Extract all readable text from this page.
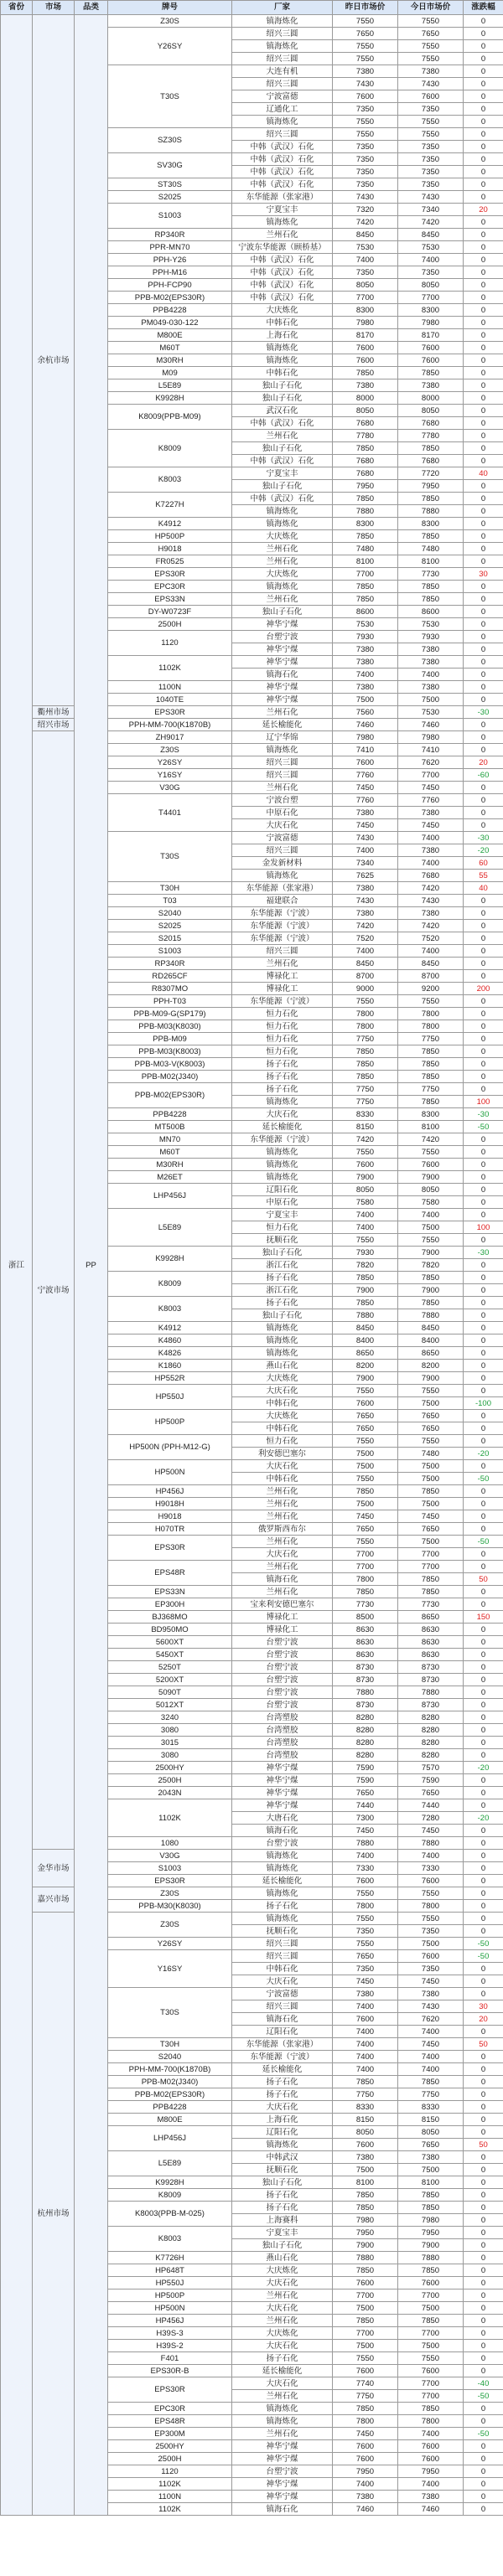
省份	市场	品类	牌号	厂家	昨日市场价	今日市场价	涨跌幅
浙江	余杭市场	PP	Z30S	镇海炼化	7550	7550	0
			Y26SY	绍兴三圆	7650	7650	0
				镇海炼化	7550	7550	0
				绍兴三圆	7550	7550	0
			T30S	大连有机	7380	7380	0
				绍兴三圆	7430	7430	0
				宁波富德	7600	7600	0
				辽通化工	7350	7350	0
				镇海炼化	7550	7550	0
			SZ30S	绍兴三圆	7550	7550	0
				中韩（武汉）石化	7350	7350	0
			SV30G	中韩（武汉）石化	7350	7350	0
				中韩（武汉）石化	7350	7350	0
			ST30S	中韩（武汉）石化	7350	7350	0
			S2025	东华能源（张家港）	7430	7430	0
			S1003	宁夏宝丰	7320	7340	20
				镇海炼化	7420	7420	0
			RP340R	兰州石化	8450	8450	0
			PPR-MN70	宁波东华能源（顾桥基）	7530	7530	0
			PPH-Y26	中韩（武汉）石化	7400	7400	0
			PPH-M16	中韩（武汉）石化	7350	7350	0
			PPH-FCP90	中韩（武汉）石化	8050	8050	0
			PPB-M02(EPS30R)	中韩（武汉）石化	7700	7700	0
			PPB4228	大庆炼化	8300	8300	0
			PM049-030-122	中韩石化	7980	7980	0
			M800E	上海石化	8170	8170	0
			M60T	镇海炼化	7600	7600	0
			M30RH	镇海炼化	7600	7600	0
			M09	中韩石化	7850	7850	0
			L5E89	独山子石化	7380	7380	0
			K9928H	独山子石化	8000	8000	0
			K8009(PPB-M09)	武汉石化	8050	8050	0
				中韩（武汉）石化	7680	7680	0
			K8009	兰州石化	7780	7780	0
				独山子石化	7850	7850	0
				中韩（武汉）石化	7680	7680	0
			K8003	宁夏宝丰	7680	7720	40
				独山子石化	7950	7950	0
			K7227H	中韩（武汉）石化	7850	7850	0
				镇海炼化	7880	7880	0
			K4912	镇海炼化	8300	8300	0
			HP500P	大庆炼化	7850	7850	0
			H9018	兰州石化	7480	7480	0
			FR0525	兰州石化	8100	8100	0
			EPS30R	大庆炼化	7700	7730	30
			EPC30R	镇海炼化	7850	7850	0
			EPS33N	兰州石化	7850	7850	0
			DY-W0723F	独山子石化	8600	8600	0
			2500H	神华宁煤	7530	7530	0
			1120	台塑宁波	7930	7930	0
				神华宁煤	7380	7380	0
			1102K	神华宁煤	7380	7380	0
				镇海石化	7400	7400	0
			1100N	神华宁煤	7380	7380	0
			1040TE	神华宁煤	7500	7500	0
	衢州市场		EPS30R	兰州石化	7560	7530	-30
	绍兴市场		PPH-MM-700(K1870B)	延长榆能化	7460	7460	0
	宁波市场		ZH9017	辽宁华锦	7980	7980	0
			Z30S	镇海炼化	7410	7410	0
			Y26SY	绍兴三圆	7600	7620	20
			Y16SY	绍兴三圆	7760	7700	-60
			V30G	兰州石化	7450	7450	0
			T4401	宁波台塑	7760	7760	0
				中原石化	7380	7380	0
				大庆石化	7450	7450	0
			T30S	宁波富德	7430	7400	-30
				绍兴三圆	7400	7380	-20
				金发新材料	7340	7400	60
				镇海炼化	7625	7680	55
			T30H	东华能源（张家港）	7380	7420	40
			T03	福建联合	7430	7430	0
			S2040	东华能源（宁波）	7380	7380	0
			S2025	东华能源（宁波）	7420	7420	0
			S2015	东华能源（宁波）	7520	7520	0
			S1003	绍兴三圆	7400	7400	0
			RP340R	兰州石化	8450	8450	0
			RD265CF	博禄化工	8700	8700	0
			R8307MO	博禄化工	9000	9200	200
			PPH-T03	东华能源（宁波）	7550	7550	0
			PPB-M09-G(SP179)	恒力石化	7800	7800	0
			PPB-M03(K8030)	恒力石化	7800	7800	0
			PPB-M09	恒力石化	7750	7750	0
			PPB-M03(K8003)	恒力石化	7850	7850	0
			PPB-M03-V(K8003)	扬子石化	7850	7850	0
			PPB-M02(J340)	扬子石化	7850	7850	0
			PPB-M02(EPS30R)	扬子石化	7750	7750	0
				镇海炼化	7750	7850	100
			PPB4228	大庆石化	8330	8300	-30
			MT500B	延长榆能化	8150	8100	-50
			MN70	东华能源（宁波）	7420	7420	0
			M60T	镇海炼化	7550	7550	0
			M30RH	镇海炼化	7600	7600	0
			M26ET	镇海炼化	7900	7900	0
			LHP456J	辽阳石化	8050	8050	0
				中原石化	7580	7580	0
			L5E89	宁夏宝丰	7400	7400	0
				恒力石化	7400	7500	100
				抚顺石化	7550	7550	0
			K9928H	独山子石化	7930	7900	-30
				浙江石化	7820	7820	0
			K8009	扬子石化	7850	7850	0
				浙江石化	7900	7900	0
			K8003	扬子石化	7850	7850	0
				独山子石化	7880	7880	0
			K4912	镇海炼化	8450	8450	0
			K4860	镇海炼化	8400	8400	0
			K4826	镇海炼化	8650	8650	0
			K1860	燕山石化	8200	8200	0
			HP552R	大庆炼化	7900	7900	0
			HP550J	大庆石化	7550	7550	0
				中韩石化	7600	7500	-100
			HP500P	大庆炼化	7650	7650	0
				中韩石化	7650	7650	0
			HP500N (PPH-M12-G)	恒力石化	7550	7550	0
				利安德巴塞尔	7500	7480	-20
			HP500N	大庆石化	7500	7500	0
				中韩石化	7550	7500	-50
			HP456J	兰州石化	7850	7850	0
			H9018H	兰州石化	7500	7500	0
			H9018	兰州石化	7450	7450	0
			H070TR	俄罗斯西布尔	7650	7650	0
			EPS30R	兰州石化	7550	7500	-50
				大庆石化	7700	7700	0
			EPS48R	兰州石化	7700	7700	0
				镇海石化	7800	7850	50
			EPS33N	兰州石化	7850	7850	0
			EP300H	宝来利安德巴塞尔	7730	7730	0
			BJ368MO	博禄化工	8500	8650	150
			BD950MO	博禄化工	8630	8630	0
			5600XT	台塑宁波	8630	8630	0
			5450XT	台塑宁波	8630	8630	0
			5250T	台塑宁波	8730	8730	0
			5200XT	台塑宁波	8730	8730	0
			5090T	台塑宁波	7880	7880	0
			5012XT	台塑宁波	8730	8730	0
			3240	台湾塑胶	8280	8280	0
			3080	台湾塑胶	8280	8280	0
			3015	台湾塑胶	8280	8280	0
			3080	台湾塑胶	8280	8280	0
			2500HY	神华宁煤	7590	7570	-20
			2500H	神华宁煤	7590	7590	0
			2043N	神华宁煤	7650	7650	0
			1102K	神华宁煤	7440	7440	0
				大唐石化	7300	7280	-20
				镇海石化	7450	7450	0
			1080	台塑宁波	7880	7880	0
	金华市场		V30G	镇海炼化	7400	7400	0
			S1003	镇海炼化	7330	7330	0
			EPS30R	延长榆能化	7600	7600	0
	嘉兴市场		Z30S	镇海炼化	7550	7550	0
			PPB-M30(K8030)	扬子石化	7800	7800	0
	杭州市场		Z30S	镇海炼化	7550	7550	0
				抚顺石化	7350	7350	0
			Y26SY	绍兴三圆	7550	7500	-50
			Y16SY	绍兴三圆	7650	7600	-50
				中韩石化	7350	7350	0
				大庆石化	7450	7450	0
			T30S	宁波富德	7380	7380	0
				绍兴三圆	7400	7430	30
				镇海石化	7600	7620	20
				辽阳石化	7400	7400	0
			T30H	东华能源（张家港）	7400	7450	50
			S2040	东华能源（宁波）	7400	7400	0
			PPH-MM-700(K1870B)	延长榆能化	7400	7400	0
			PPB-M02(J340)	扬子石化	7850	7850	0
			PPB-M02(EPS30R)	扬子石化	7750	7750	0
			PPB4228	大庆石化	8330	8330	0
			M800E	上海石化	8150	8150	0
			LHP456J	辽阳石化	8050	8050	0
				镇海炼化	7600	7650	50
			L5E89	中韩武汉	7380	7380	0
				抚顺石化	7500	7500	0
			K9928H	独山子石化	8100	8100	0
			K8009	扬子石化	7850	7850	0
			K8003(PPB-M-025)	扬子石化	7850	7850	0
				上海赛科	7980	7980	0
			K8003	宁夏宝丰	7950	7950	0
				独山子石化	7900	7900	0
			K7726H	燕山石化	7880	7880	0
			HP648T	大庆炼化	7850	7850	0
			HP550J	大庆石化	7600	7600	0
			HP500P	兰州石化	7700	7700	0
			HP500N	大庆石化	7500	7500	0
			HP456J	兰州石化	7850	7850	0
			H39S-3	大庆炼化	7700	7700	0
			H39S-2	大庆石化	7500	7500	0
			F401	扬子石化	7550	7550	0
			EPS30R-B	延长榆能化	7600	7600	0
			EPS30R	大庆石化	7740	7700	-40
				兰州石化	7750	7700	-50
			EPC30R	镇海炼化	7850	7850	0
			EPS48R	镇海炼化	7800	7800	0
			EP300M	兰州石化	7450	7400	-50
			2500HY	神华宁煤	7600	7600	0
			2500H	神华宁煤	7600	7600	0
			1120	台塑宁波	7950	7950	0
			1102K	神华宁煤	7400	7400	0
			1100N	神华宁煤	7380	7380	0
			1102K	镇海石化	7460	7460	0
